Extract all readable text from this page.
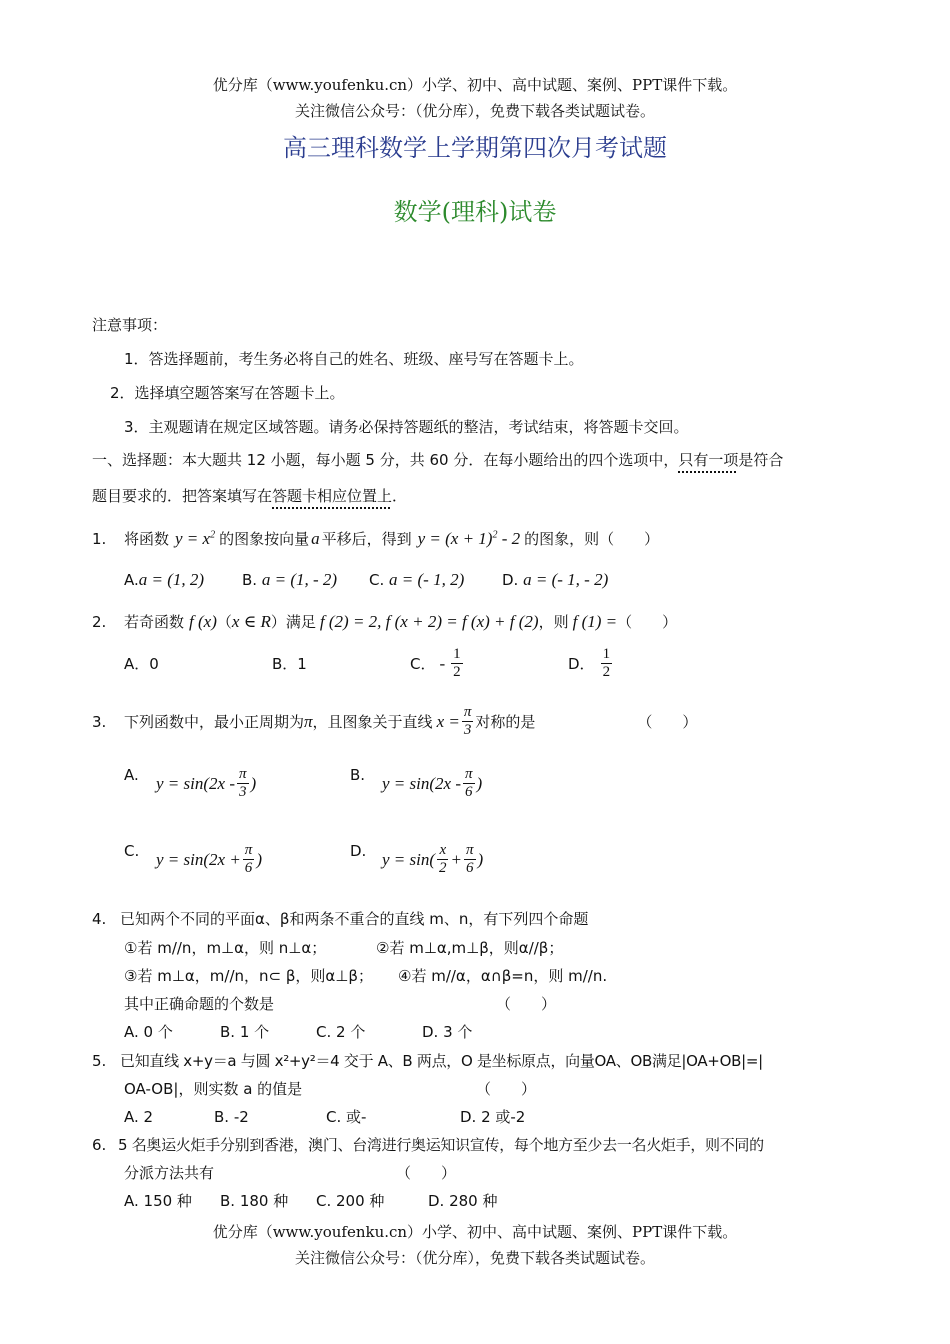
优分库（www.youfenku.cn）小学、初中、高中试题、案例、PPT课件下载。
关注微信公众号：（优分库），免费下载各类试题试卷。
高三理科数学上学期第四次月考试题
数学(理科)试卷
注意事项：
1．答选择题前，考生务必将自己的姓名、班级、座号写在答题卡上。
2．选择填空题答案写在答题卡上。
3．主观题请在规定区域答题。请务必保持答题纸的整洁，考试结束，将答题卡交回。
一、选择题：本大题共 12 小题，每小题 5 分，共 60 分．在每小题给出的四个选项中，只有一项是符合
题目要求的．把答案填写在答题卡相应位置上．
1.	将函数 $y = x^2$ 的图象按向量 a 平移后，得到 $y = (x + 1)^2 - 2$ 的图象，则（　　）
A.a = (1, 2)	B. a = (1, - 2)	C. a = (- 1, 2)	D. a = (- 1, - 2)
2.	若奇函数 f (x) （ x ∈ R ）满足 f (2) = 2, f (x + 2) = f (x) + f (2) ，则 f (1) = （　　）
A．0	B．1	C． - $\frac{1}{2}$	D． $\frac{1}{2}$
3.	下列函数中，最小正周期为 π ，且图象关于直线 $x = \frac{\pi}{3}$ 对称的是	（　　）
A. $y = \sin(2x - \frac{\pi}{3}$ )	B. $y = \sin(2x - \frac{\pi}{6}$ )
C. $y = \sin(2x + \frac{\pi}{6}$ )	D. $y = \sin( \frac{x}{2} + \frac{\pi}{6}$ )
4. 已知两个不同的平面α、β和两条不重合的直线 m、n，有下列四个命题
①若 m//n，m⊥α，则 n⊥α；	②若 m⊥α,m⊥β，则α//β；
③若 m⊥α，m//n，n⊂ β，则α⊥β； ④若 m//α，α∩β=n，则 m//n.
其中正确命题的个数是	（　　）
A. 0 个	B. 1 个	C. 2 个	D. 3 个
5. 已知直线 x+y＝a 与圆 x²+y²＝4 交于 A、B 两点，O 是坐标原点，向量OA、OB满足|OA+OB|=|
OA-OB|，则实数 a 的值是	（　　）
A. 2	B. -2	C. 或-	D. 2 或-2
6. 5 名奥运火炬手分别到香港，澳门、台湾进行奥运知识宣传，每个地方至少去一名火炬手，则不同的
分派方法共有	（　　）
A. 150 种	B. 180 种	C. 200 种	D. 280 种
优分库（www.youfenku.cn）小学、初中、高中试题、案例、PPT课件下载。
关注微信公众号：（优分库），免费下载各类试题试卷。
